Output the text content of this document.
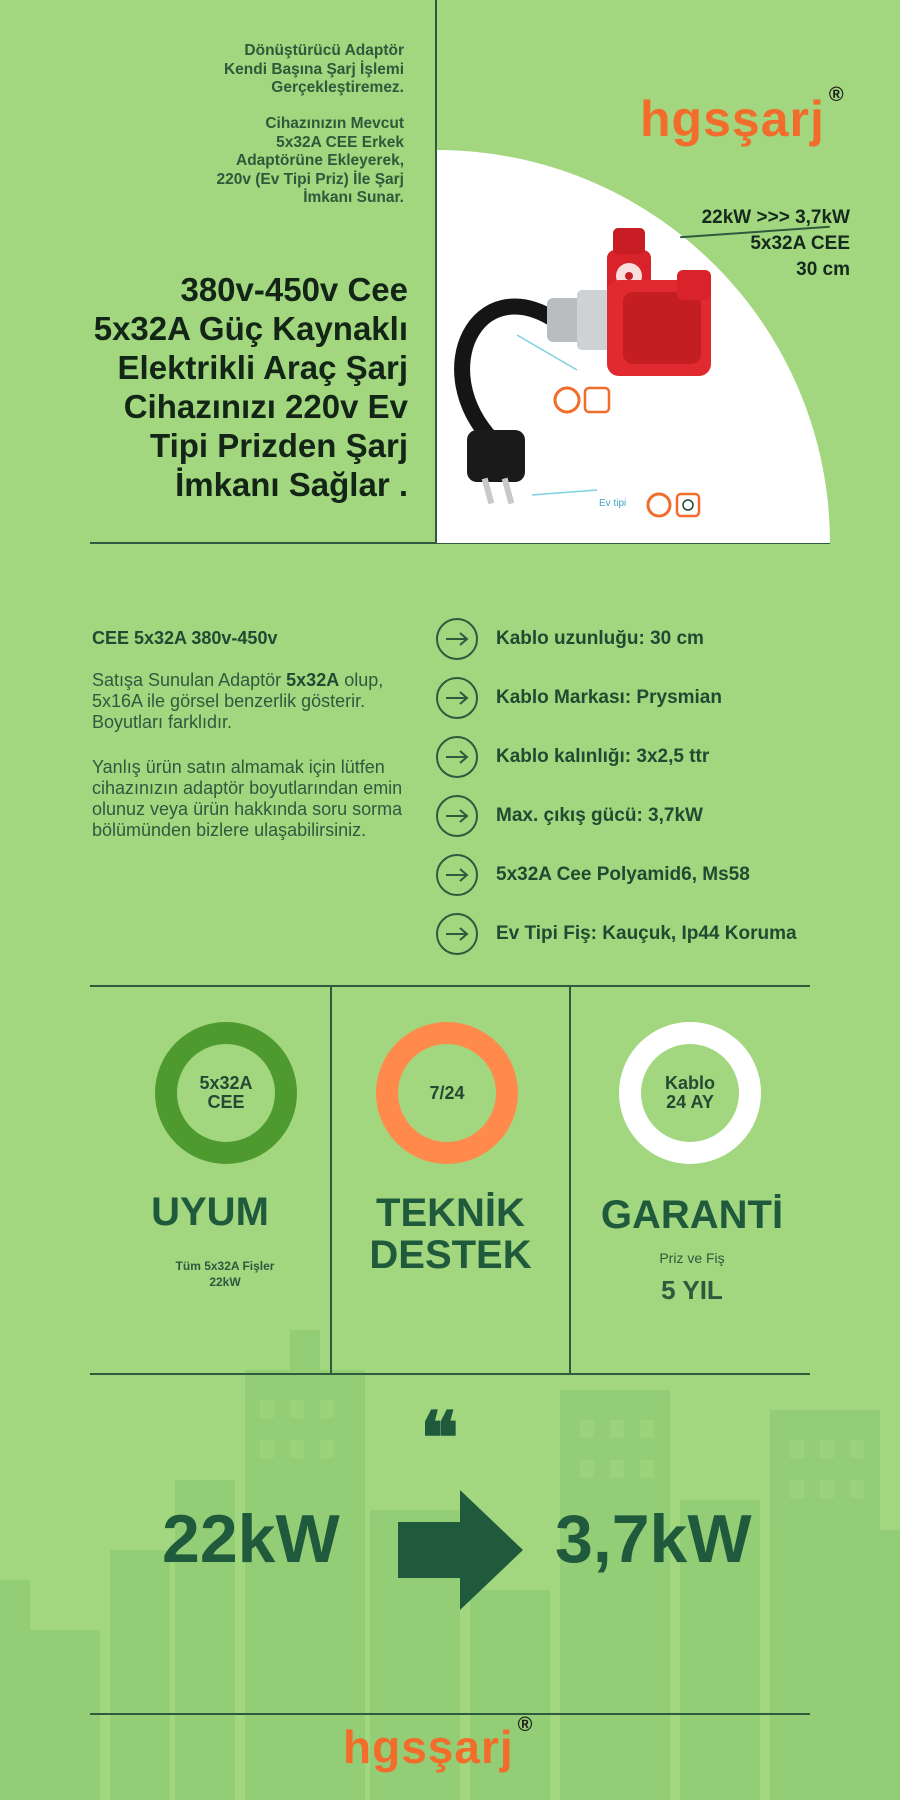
Dönüştürücü Adaptör
Kendi Başına Şarj İşlemi
Gerçekleştiremez.
Cihazınızın Mevcut
5x32A CEE Erkek
Adaptörüne Ekleyerek,
220v (Ev Tipi Priz) İle Şarj
İmkanı Sunar.
380v-450v Cee
5x32A Güç Kaynaklı
Elektrikli Araç Şarj
Cihazınızı 220v Ev
Tipi Prizden Şarj
İmkanı Sağlar .
hgsşarj ®
22kW >>> 3,7kW
5x32A CEE
30 cm
Ev tipi
CEE 5x32A 380v-450v
Satışa Sunulan Adaptör 5x32A olup, 5x16A ile görsel benzerlik gösterir. Boyutları farklıdır.
Yanlış ürün satın almamak için lütfen cihazınızın adaptör boyutlarından emin olunuz veya ürün hakkında soru sorma bölümünden bizlere ulaşabilirsiniz.
Kablo uzunluğu: 30 cm
Kablo Markası: Prysmian
Kablo kalınlığı: 3x2,5 ttr
Max. çıkış gücü: 3,7kW
5x32A Cee Polyamid6, Ms58
Ev Tipi Fiş: Kauçuk, Ip44 Koruma
5x32A
CEE
UYUM
Tüm 5x32A Fişler
22kW
7/24
TEKNİK
DESTEK
Kablo
24 AY
GARANTİ
Priz ve Fiş
5 YIL
❝
22kW	3,7kW
hgsşarj ®
